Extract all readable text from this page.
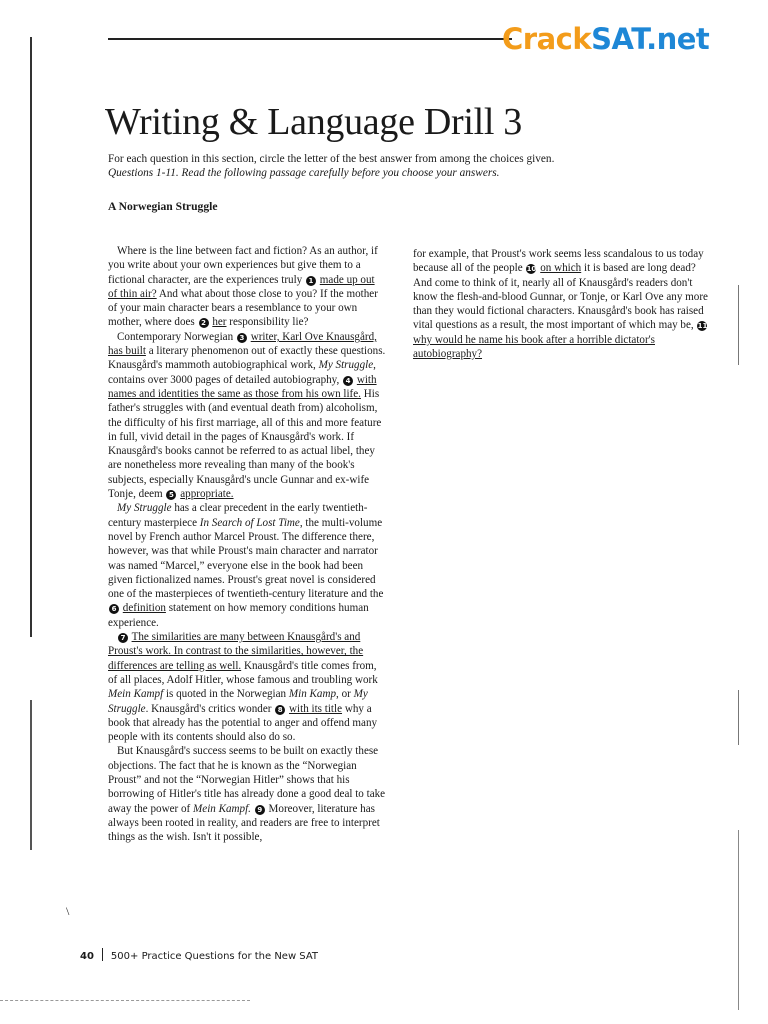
CrackSAT.net
Writing & Language Drill 3
For each question in this section, circle the letter of the best answer from among the choices given.
Questions 1-11. Read the following passage carefully before you choose your answers.
A Norwegian Struggle

Where is the line between fact and fiction? As an author, if you write about your own experiences but give them to a fictional character, are the experiences truly 1 made up out of thin air? And what about those close to you? If the mother of your main character bears a resemblance to your own mother, where does 2 her responsibility lie?

Contemporary Norwegian 3 writer, Karl Ove Knausgård, has built a literary phenomenon out of exactly these questions. Knausgård's mammoth autobiographical work, My Struggle, contains over 3000 pages of detailed autobiography, 4 with names and identities the same as those from his own life. His father's struggles with (and eventual death from) alcoholism, the difficulty of his first marriage, all of this and more feature in full, vivid detail in the pages of Knausgård's work. If Knausgård's books cannot be referred to as actual libel, they are nonetheless more revealing than many of the book's subjects, especially Knausgård's uncle Gunnar and ex-wife Tonje, deem 5 appropriate.

My Struggle has a clear precedent in the early twentieth-century masterpiece In Search of Lost Time, the multi-volume novel by French author Marcel Proust. The difference there, however, was that while Proust's main character and narrator was named “Marcel,” everyone else in the book had been given fictionalized names. Proust's great novel is considered one of the masterpieces of twentieth-century literature and the 6 definition statement on how memory conditions human experience.

7 The similarities are many between Knausgård's and Proust's work. In contrast to the similarities, however, the differences are telling as well. Knausgård's title comes from, of all places, Adolf Hitler, whose famous and troubling work Mein Kampf is quoted in the Norwegian Min Kamp, or My Struggle. Knausgård's critics wonder 8 with its title why a book that already has the potential to anger and offend many people with its contents should also do so.

But Knausgård's success seems to be built on exactly these objections. The fact that he is known as the “Norwegian Proust” and not the “Norwegian Hitler” shows that his borrowing of Hitler's title has already done a good deal to take away the power of Mein Kampf. 9 Moreover, literature has always been rooted in reality, and readers are free to interpret things as the wish. Isn't it possible,

for example, that Proust's work seems less scandalous to us today because all of the people 10 on which it is based are long dead? And come to think of it, nearly all of Knausgård's readers don't know the flesh-and-blood Gunnar, or Tonje, or Karl Ove any more than they would fictional characters. Knausgård's book has raised vital questions as a result, the most important of which may be, 11 why would he name his book after a horrible dictator's autobiography?

\
40 500+ Practice Questions for the New SAT
